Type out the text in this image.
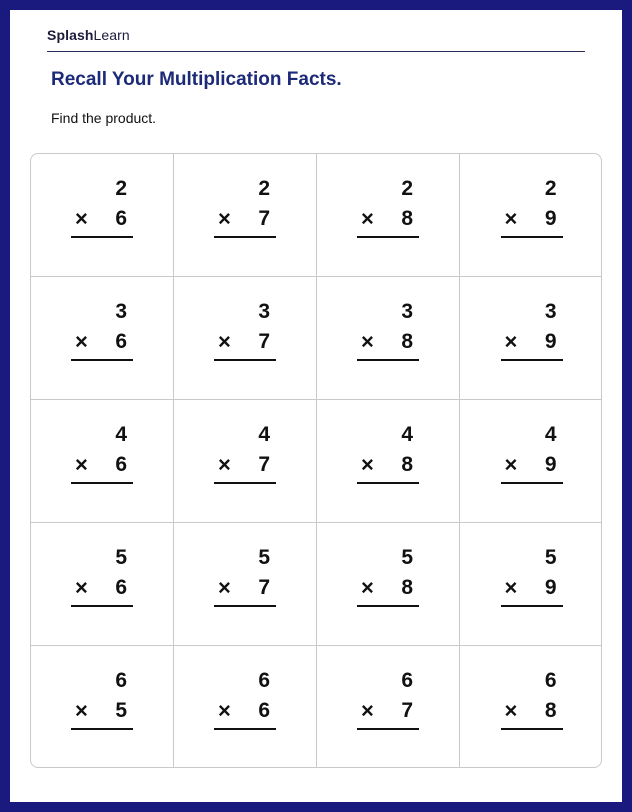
SplashLearn
Recall Your Multiplication Facts.
Find the product.
2
× 6
2
× 7
2
× 8
2
× 9
3
× 6
3
× 7
3
× 8
3
× 9
4
× 6
4
× 7
4
× 8
4
× 9
5
× 6
5
× 7
5
× 8
5
× 9
6
× 5
6
× 6
6
× 7
6
× 8
